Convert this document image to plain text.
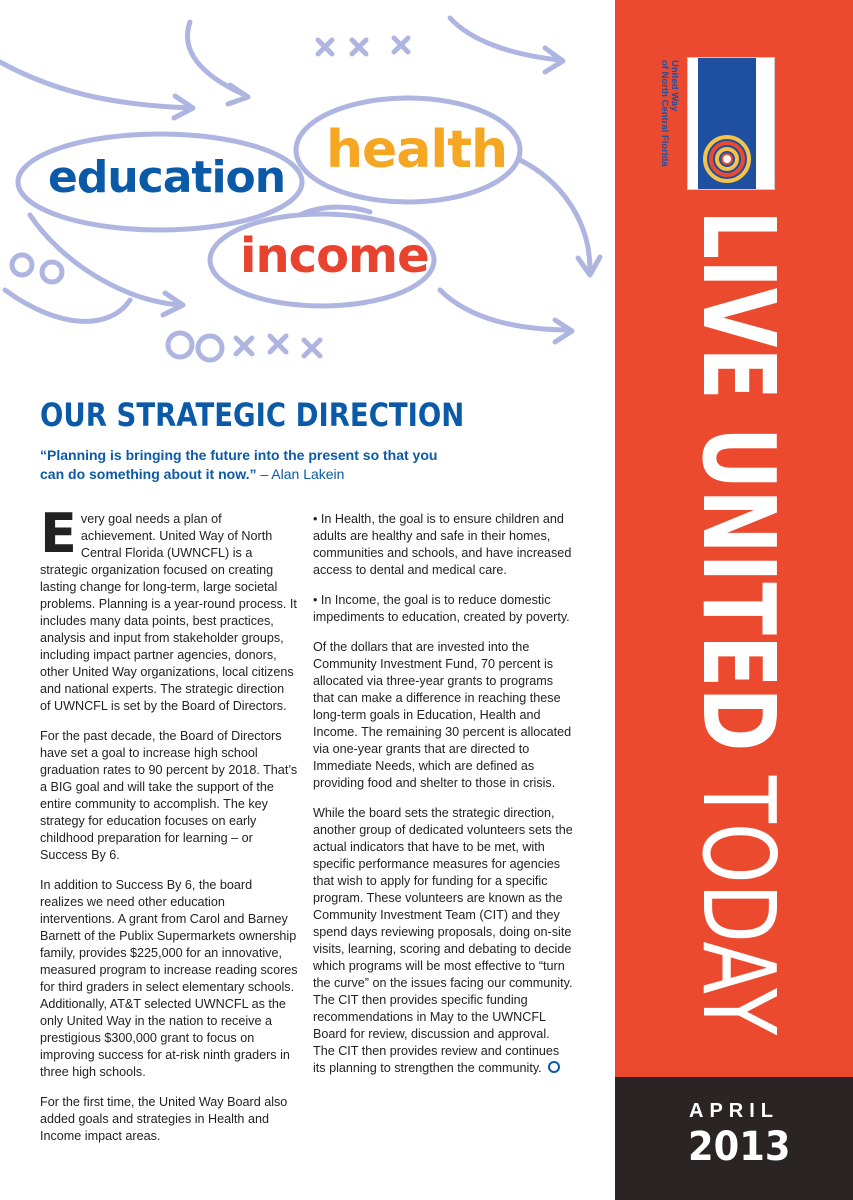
education health
income
OUR STRATEGIC DIRECTION
“Planning is bringing the future into the present so that you can do something about it now.” – Alan Lakein

Every goal needs a plan of achievement. United Way of North Central Florida (UWNCFL) is a strategic organization focused on creating lasting change for long-term, large societal problems. Planning is a year-round process. It includes many data points, best practices, analysis and input from stakeholder groups, including impact partner agencies, donors, other United Way organizations, local citizens and national experts. The strategic direction of UWNCFL is set by the Board of Directors.

For the past decade, the Board of Directors have set a goal to increase high school graduation rates to 90 percent by 2018. That’s a BIG goal and will take the support of the entire community to accomplish. The key strategy for education focuses on early childhood preparation for learning – or Success By 6.

In addition to Success By 6, the board realizes we need other education interventions. A grant from Carol and Barney Barnett of the Publix Supermarkets ownership family, provides $225,000 for an innovative, measured program to increase reading scores for third graders in select elementary schools. Additionally, AT&T selected UWNCFL as the only United Way in the nation to receive a prestigious $300,000 grant to focus on improving success for at-risk ninth graders in three high schools.

For the first time, the United Way Board also added goals and strategies in Health and Income impact areas.

• In Health, the goal is to ensure children and adults are healthy and safe in their homes, communities and schools, and have increased access to dental and medical care.

• In Income, the goal is to reduce domestic impediments to education, created by poverty.

Of the dollars that are invested into the Community Investment Fund, 70 percent is allocated via three-year grants to programs that can make a difference in reaching these long-term goals in Education, Health and Income. The remaining 30 percent is allocated via one-year grants that are directed to Immediate Needs, which are defined as providing food and shelter to those in crisis.

While the board sets the strategic direction, another group of dedicated volunteers sets the actual indicators that have to be met, with specific performance measures for agencies that wish to apply for funding for a specific program. These volunteers are known as the Community Investment Team (CIT) and they spend days reviewing proposals, doing on-site visits, learning, scoring and debating to decide which programs will be most effective to “turn the curve” on the issues facing our community. The CIT then provides specific funding recommendations in May to the UWNCFL Board for review, discussion and approval. The CIT then provides review and continues its planning to strengthen the community.

United Way
of North Central Florida
LIVE UNITED TODAY
APRIL
2013
